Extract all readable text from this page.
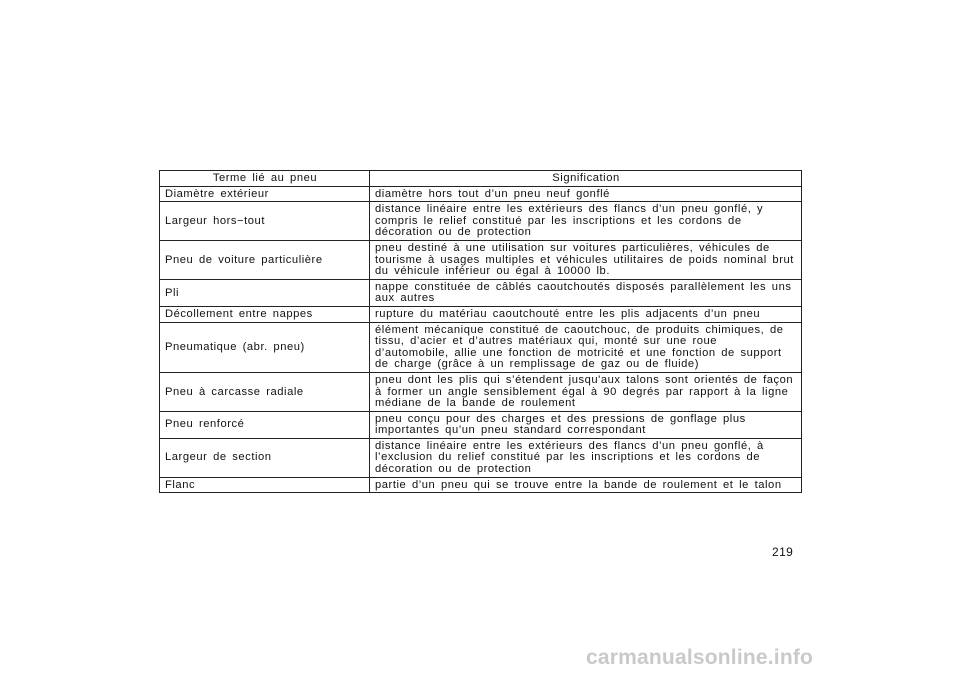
Terme lié au pneu	Signification
Diamètre extérieur	diamètre hors tout d’un pneu neuf gonflé

Largeur hors−tout	distance linéaire entre les extérieurs des flancs d’un pneu gonflé, y
compris le relief constitué par les inscriptions et les cordons de
décoration ou de protection

Pneu de voiture particulière	pneu destiné à une utilisation sur voitures particulières, véhicules de
tourisme à usages multiples et véhicules utilitaires de poids nominal brut
du véhicule inférieur ou égal à 10000 lb.

Pli	nappe constituée de câblés caoutchoutés disposés parallèlement les uns
aux autres

Décollement entre nappes	rupture du matériau caoutchouté entre les plis adjacents d’un pneu

Pneumatique (abr. pneu)	élément mécanique constitué de caoutchouc, de produits chimiques, de
tissu, d’acier et d’autres matériaux qui, monté sur une roue
d’automobile, allie une fonction de motricité et une fonction de support
de charge (grâce à un remplissage de gaz ou de fluide)

Pneu à carcasse radiale	pneu dont les plis qui s’étendent jusqu'aux talons sont orientés de façon
à former un angle sensiblement égal à 90 degrés par rapport à la ligne
médiane de la bande de roulement

Pneu renforcé	pneu conçu pour des charges et des pressions de gonflage plus
importantes qu’un pneu standard correspondant

Largeur de section	distance linéaire entre les extérieurs des flancs d’un pneu gonflé, à
l’exclusion du relief constitué par les inscriptions et les cordons de
décoration ou de protection

Flanc	partie d’un pneu qui se trouve entre la bande de roulement et le talon
219
carmanualsonline.info
